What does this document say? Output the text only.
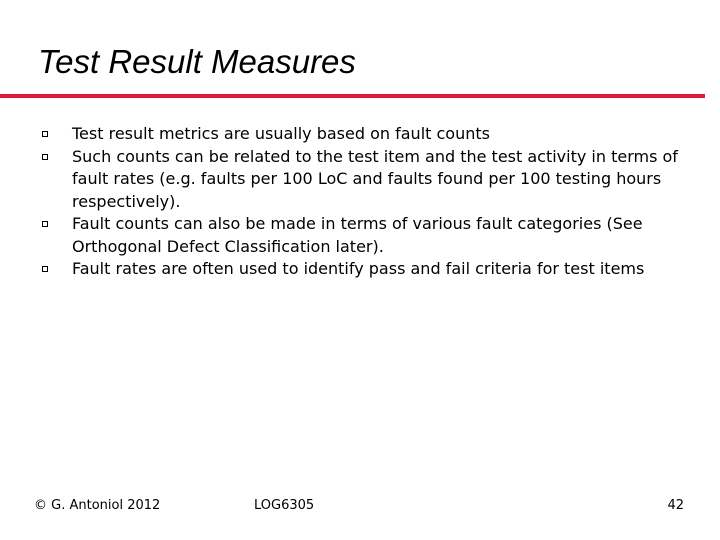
Test Result Measures
Test result metrics are usually based on fault counts
Such counts can be related to the test item and the test activity in terms of fault rates (e.g. faults per 100 LoC and faults found per 100 testing hours respectively).
Fault counts can also be made in terms of various fault categories (See Orthogonal Defect Classification later).
Fault rates are often used to identify pass and fail criteria for test items
© G. Antoniol 2012	LOG6305	42
